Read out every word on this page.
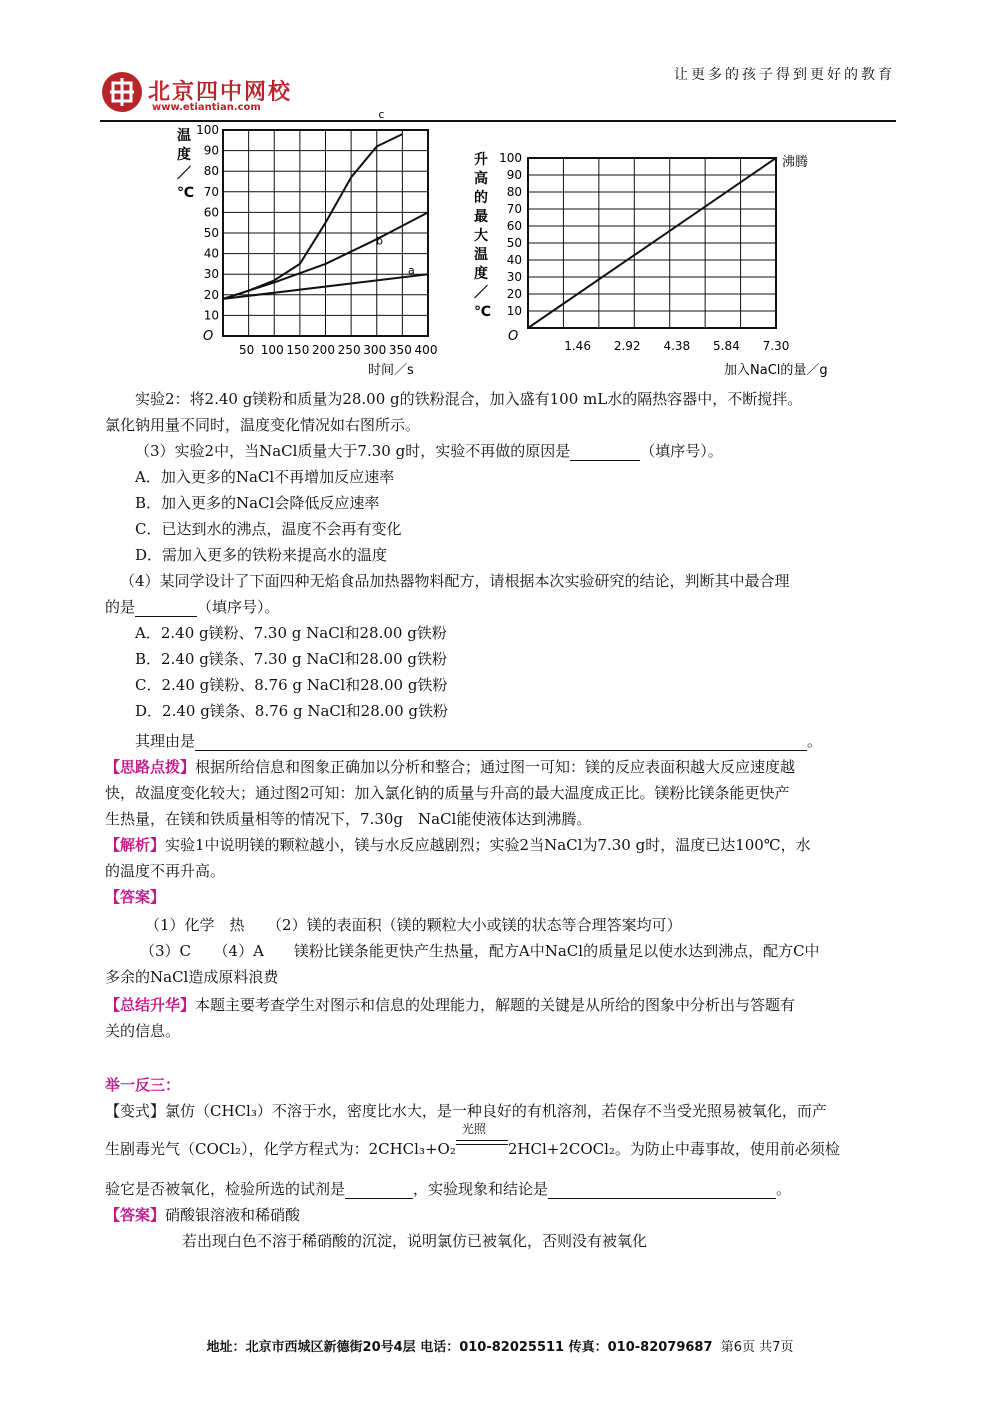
让更多的孩子得到更好的教育
北京四中网校
www.etiantian.com
10
20
30
40
50
60
70
80
90
100
50 100 150 200 250 300 350 400
O
温
度
／
℃
时间／s
a
b
c
10
20
30
40
50
60
70
80
90
100
1.46 2.92 4.38 5.84 7.30
O
升
高
的
最
大
温
度
／
℃
加入NaCl的量／g
沸腾
实验2：将2.40 g镁粉和质量为28.00 g的铁粉混合，加入盛有100 mL水的隔热容器中，不断搅拌。
氯化钠用量不同时，温度变化情况如右图所示。
（3）实验2中，当NaCl质量大于7.30 g时，实验不再做的原因是	（填序号）。
A．加入更多的NaCl不再增加反应速率
B．加入更多的NaCl会降低反应速率
C．已达到水的沸点，温度不会再有变化
D．需加入更多的铁粉来提高水的温度
（4）某同学设计了下面四种无焰食品加热器物料配方，请根据本次实验研究的结论，判断其中最合理
的是	（填序号）。
A．2.40 g镁粉、7.30 g NaCl和28.00 g铁粉
B．2.40 g镁条、7.30 g NaCl和28.00 g铁粉
C．2.40 g镁粉、8.76 g NaCl和28.00 g铁粉
D．2.40 g镁条、8.76 g NaCl和28.00 g铁粉
其理由是	。
【思路点拨】根据所给信息和图象正确加以分析和整合；通过图一可知：镁的反应表面积越大反应速度越
快，故温度变化较大；通过图2可知：加入氯化钠的质量与升高的最大温度成正比。镁粉比镁条能更快产
生热量，在镁和铁质量相等的情况下，7.30g　NaCl能使液体达到沸腾。
【解析】实验1中说明镁的颗粒越小，镁与水反应越剧烈；实验2当NaCl为7.30 g时，温度已达100℃，水
的温度不再升高。
【答案】
（1）化学　热　　（2）镁的表面积（镁的颗粒大小或镁的状态等合理答案均可）
（3）C　　（4）A　　镁粉比镁条能更快产生热量，配方A中NaCl的质量足以使水达到沸点，配方C中
多余的NaCl造成原料浪费
【总结升华】本题主要考查学生对图示和信息的处理能力，解题的关键是从所给的图象中分析出与答题有
关的信息。
举一反三：
【变式】氯仿（CHCl₃）不溶于水，密度比水大，是一种良好的有机溶剂，若保存不当受光照易被氧化，而产
生剧毒光气（COCl₂），化学方程式为：2CHCl₃+O₂
光照
2HCl+2COCl₂。为防止中毒事故，使用前必须检
验它是否被氧化，检验所选的试剂是	，实验现象和结论是	。
【答案】硝酸银溶液和稀硝酸
若出现白色不溶于稀硝酸的沉淀，说明氯仿已被氧化，否则没有被氧化
地址：北京市西城区新德街20号4层 电话：010-82025511 传真：010-82079687 第6页 共7页
